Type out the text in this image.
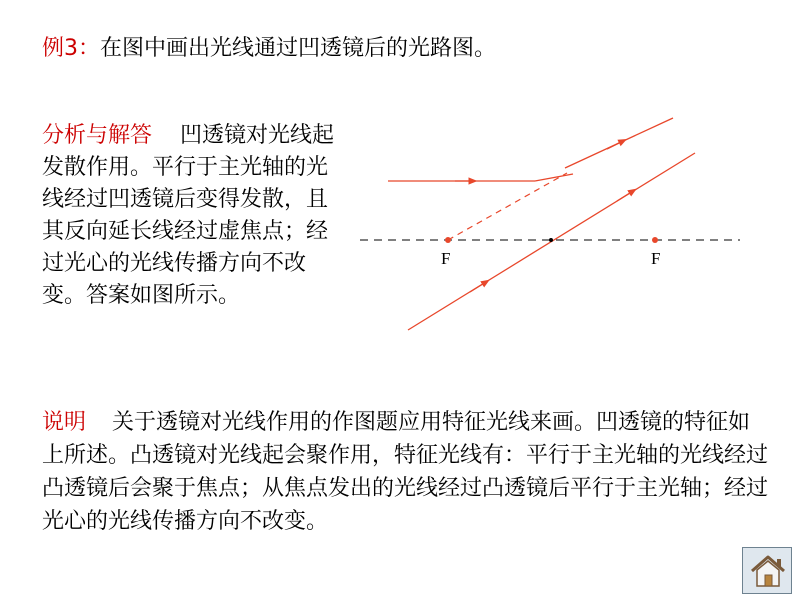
例3：在图中画出光线通过凹透镜后的光路图。
分析与解答 凹透镜对光线起发散作用。平行于主光轴的光线经过凹透镜后变得发散，且其反向延长线经过虚焦点；经过光心的光线传播方向不改变。答案如图所示。
F	F
说明 关于透镜对光线作用的作图题应用特征光线来画。凹透镜的特征如上所述。凸透镜对光线起会聚作用，特征光线有：平行于主光轴的光线经过凸透镜后会聚于焦点；从焦点发出的光线经过凸透镜后平行于主光轴；经过光心的光线传播方向不改变。
